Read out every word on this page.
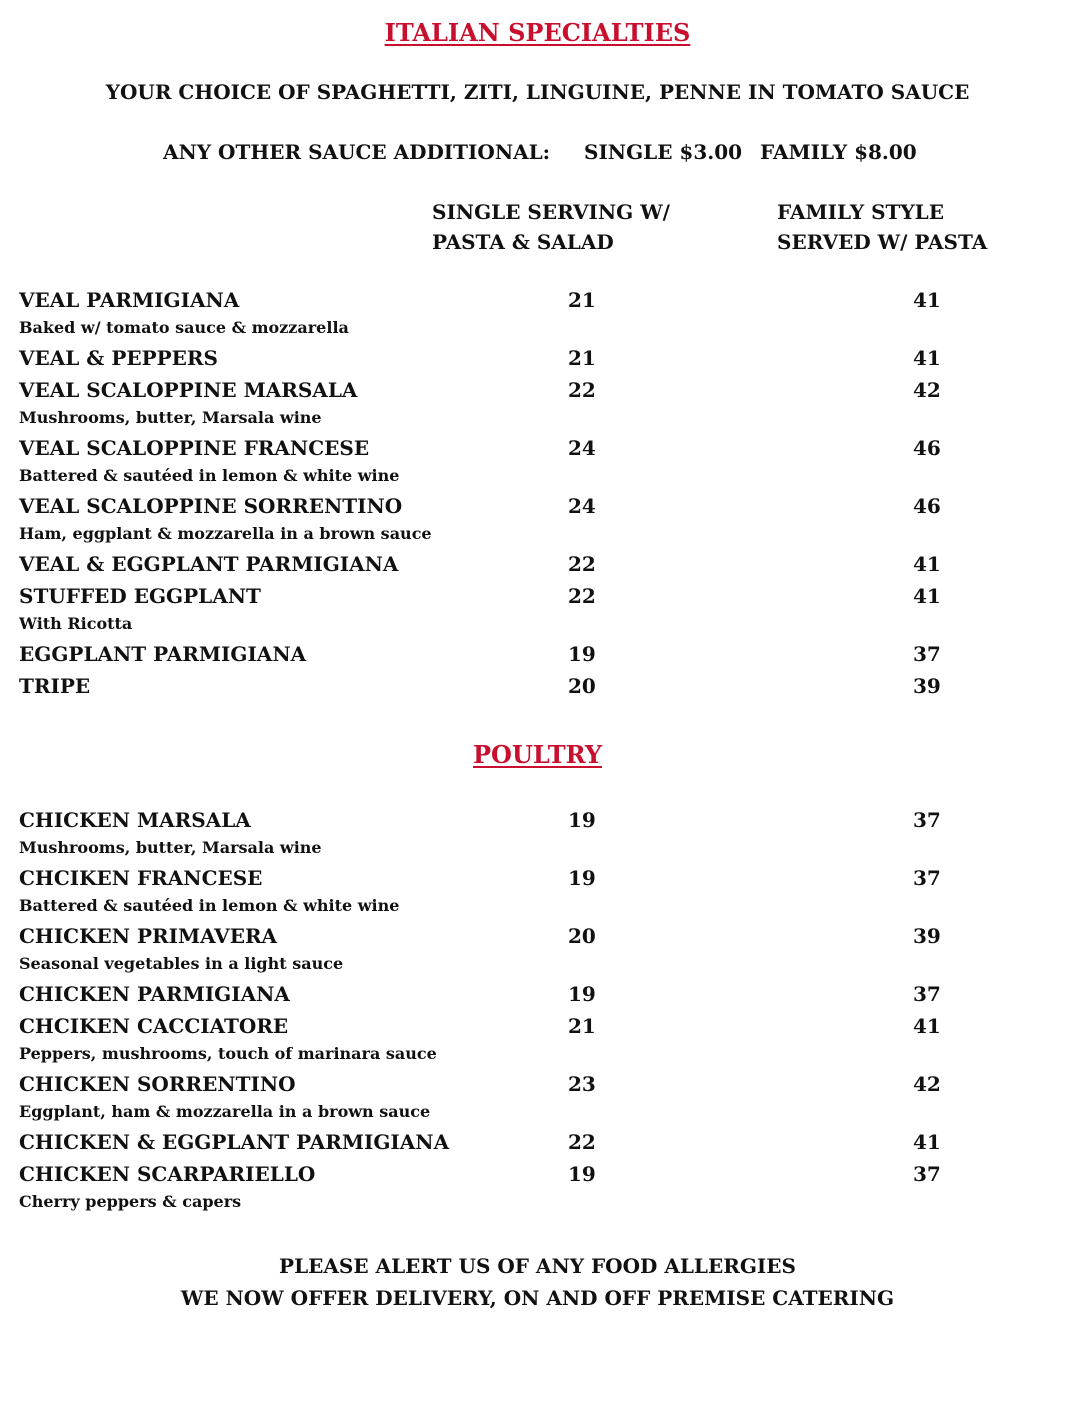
ITALIAN SPECIALTIES
YOUR CHOICE OF SPAGHETTI, ZITI, LINGUINE, PENNE IN TOMATO SAUCE
ANY OTHER SAUCE ADDITIONAL: SINGLE $3.00 FAMILY $8.00
SINGLE SERVING W/
PASTA & SALAD
FAMILY STYLE
SERVED W/ PASTA
VEAL PARMIGIANA	21	41
Baked w/ tomato sauce & mozzarella
VEAL & PEPPERS	21	41
VEAL SCALOPPINE MARSALA	22	42
Mushrooms, butter, Marsala wine
VEAL SCALOPPINE FRANCESE	24	46
Battered & sautéed in lemon & white wine
VEAL SCALOPPINE SORRENTINO	24	46
Ham, eggplant & mozzarella in a brown sauce
VEAL & EGGPLANT PARMIGIANA	22	41
STUFFED EGGPLANT	22	41
With Ricotta
EGGPLANT PARMIGIANA	19	37
TRIPE	20	39
POULTRY
CHICKEN MARSALA	19	37
Mushrooms, butter, Marsala wine
CHCIKEN FRANCESE	19	37
Battered & sautéed in lemon & white wine
CHICKEN PRIMAVERA	20	39
Seasonal vegetables in a light sauce
CHICKEN PARMIGIANA	19	37
CHCIKEN CACCIATORE	21	41
Peppers, mushrooms, touch of marinara sauce
CHICKEN SORRENTINO	23	42
Eggplant, ham & mozzarella in a brown sauce
CHICKEN & EGGPLANT PARMIGIANA	22	41
CHICKEN SCARPARIELLO	19	37
Cherry peppers & capers
PLEASE ALERT US OF ANY FOOD ALLERGIES
WE NOW OFFER DELIVERY, ON AND OFF PREMISE CATERING
